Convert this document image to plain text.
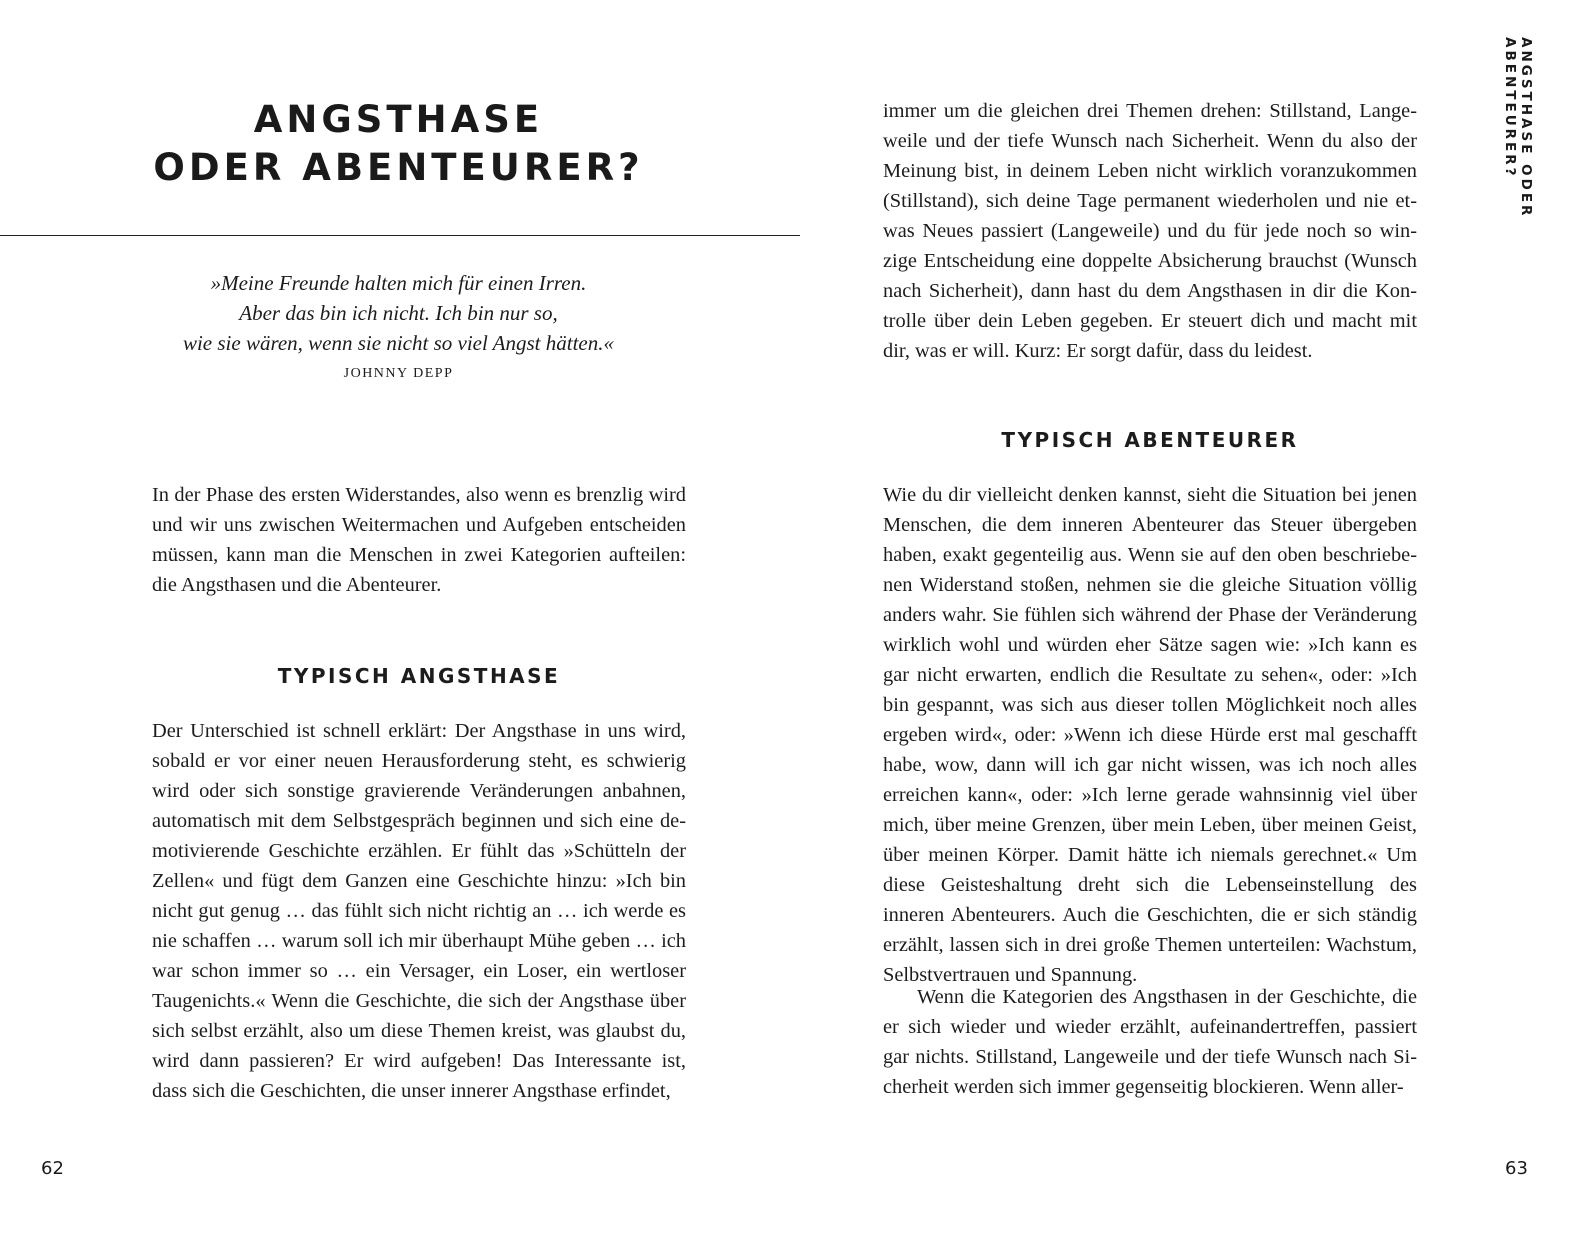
ANGSTHASE
ODER ABENTEURER?
»Meine Freunde halten mich für einen Irren.
Aber das bin ich nicht. Ich bin nur so,
wie sie wären, wenn sie nicht so viel Angst hätten.«
JOHNNY DEPP

In der Phase des ersten Widerstandes, also wenn es brenzlig wird und wir uns zwischen Weitermachen und Aufgeben entscheiden müssen, kann man die Menschen in zwei Kategorien aufteilen: die Angsthasen und die Abenteurer.

TYPISCH ANGSTHASE

Der Unterschied ist schnell erklärt: Der Angsthase in uns wird, sobald er vor einer neuen Herausforderung steht, es schwierig wird oder sich sonstige gravierende Veränderungen anbahnen, automatisch mit dem Selbstgespräch beginnen und sich eine demotivierende Geschichte erzählen. Er fühlt das »Schütteln der Zellen« und fügt dem Ganzen eine Geschichte hinzu: »Ich bin nicht gut genug … das fühlt sich nicht richtig an … ich werde es nie schaffen … warum soll ich mir überhaupt Mühe geben … ich war schon immer so … ein Versager, ein Loser, ein wertloser Taugenichts.« Wenn die Geschichte, die sich der Angsthase über sich selbst erzählt, also um diese Themen kreist, was glaubst du, wird dann passieren? Er wird aufgeben! Das Interessante ist, dass sich die Geschichten, die unser innerer Angsthase erfindet,

62

immer um die gleichen drei Themen drehen: Stillstand, Langeweile und der tiefe Wunsch nach Sicherheit. Wenn du also der Meinung bist, in deinem Leben nicht wirklich voranzukommen (Stillstand), sich deine Tage permanent wiederholen und nie etwas Neues passiert (Langeweile) und du für jede noch so winzige Entscheidung eine doppelte Absicherung brauchst (Wunsch nach Sicherheit), dann hast du dem Angsthasen in dir die Kontrolle über dein Leben gegeben. Er steuert dich und macht mit dir, was er will. Kurz: Er sorgt dafür, dass du leidest.

TYPISCH ABENTEURER

Wie du dir vielleicht denken kannst, sieht die Situation bei jenen Menschen, die dem inneren Abenteurer das Steuer übergeben haben, exakt gegenteilig aus. Wenn sie auf den oben beschriebenen Widerstand stoßen, nehmen sie die gleiche Situation völlig anders wahr. Sie fühlen sich während der Phase der Veränderung wirklich wohl und würden eher Sätze sagen wie: »Ich kann es gar nicht erwarten, endlich die Resultate zu sehen«, oder: »Ich bin gespannt, was sich aus dieser tollen Möglichkeit noch alles ergeben wird«, oder: »Wenn ich diese Hürde erst mal geschafft habe, wow, dann will ich gar nicht wissen, was ich noch alles erreichen kann«, oder: »Ich lerne gerade wahnsinnig viel über mich, über meine Grenzen, über mein Leben, über meinen Geist, über meinen Körper. Damit hätte ich niemals gerechnet.« Um diese Geisteshaltung dreht sich die Lebenseinstellung des inneren Abenteurers. Auch die Geschichten, die er sich ständig erzählt, lassen sich in drei große Themen unterteilen: Wachstum, Selbstvertrauen und Spannung.

Wenn die Kategorien des Angsthasen in der Geschichte, die er sich wieder und wieder erzählt, aufeinandertreffen, passiert gar nichts. Stillstand, Langeweile und der tiefe Wunsch nach Sicherheit werden sich immer gegenseitig blockieren. Wenn aller-

63
ANGSTHASE ODER ABENTEURER?
